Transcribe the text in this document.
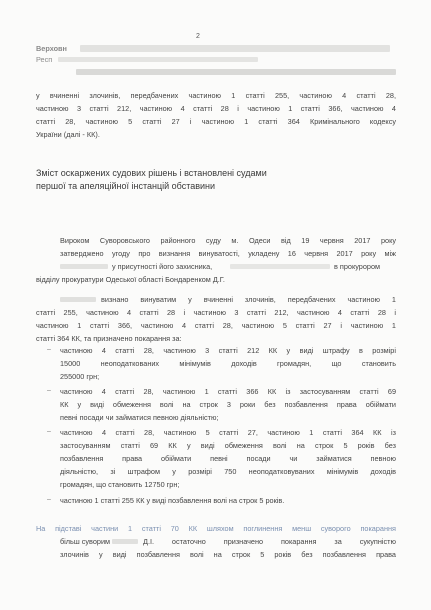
2
Верховн
Респ
у вчиненні злочинів, передбачених частиною 1 статті 255, частиною 4 статті 28,
частиною 3 статті 212, частиною 4 статті 28 і частиною 1 статті 366, частиною 4
статті 28, частиною 5 статті 27 і частиною 1 статті 364 Кримінального кодексу
України (далі - КК).
Зміст оскаржених судових рішень і встановлені судами
першої та апеляційної інстанцій обставини
Вироком Суворовського районного суду м. Одеси від 19 червня 2017 року
затверджено угоду про визнання винуватості, укладену 16 червня 2017 року між
у присутності його захисника,	в прокурором
відділу прокуратури Одеської області Бондаренком Д.Г.
визнано винуватим у вчиненні злочинів, передбачених частиною 1
статті 255, частиною 4 статті 28 і частиною 3 статті 212, частиною 4 статті 28 і
частиною 1 статті 366, частиною 4 статті 28, частиною 5 статті 27 і частиною 1
статті 364 КК, та призначено покарання за:
– частиною 4 статті 28, частиною 3 статті 212 КК у виді штрафу в розмірі
15000 неоподаткованих мінімумів доходів громадян, що становить
255000 грн;
– частиною 4 статті 28, частиною 1 статті 366 КК із застосуванням статті 69
КК у виді обмеження волі на строк 3 роки без позбавлення права обіймати
певні посади чи займатися певною діяльністю;
– частиною 4 статті 28, частиною 5 статті 27, частиною 1 статті 364 КК із
застосуванням статті 69 КК у виді обмеження волі на строк 5 років без
позбавлення права обіймати певні посади чи займатися певною
діяльністю, зі штрафом у розмірі 750 неоподатковуваних мінімумів доходів
громадян, що становить 12750 грн;
– частиною 1 статті 255 КК у виді позбавлення волі на строк 5 років.
На підставі частини 1 статті 70 КК шляхом поглинення менш суворого покарання
більш суворим	Д.І. остаточно призначено покарання за сукупністю
злочинів у виді позбавлення волі на строк 5 років без позбавлення права
